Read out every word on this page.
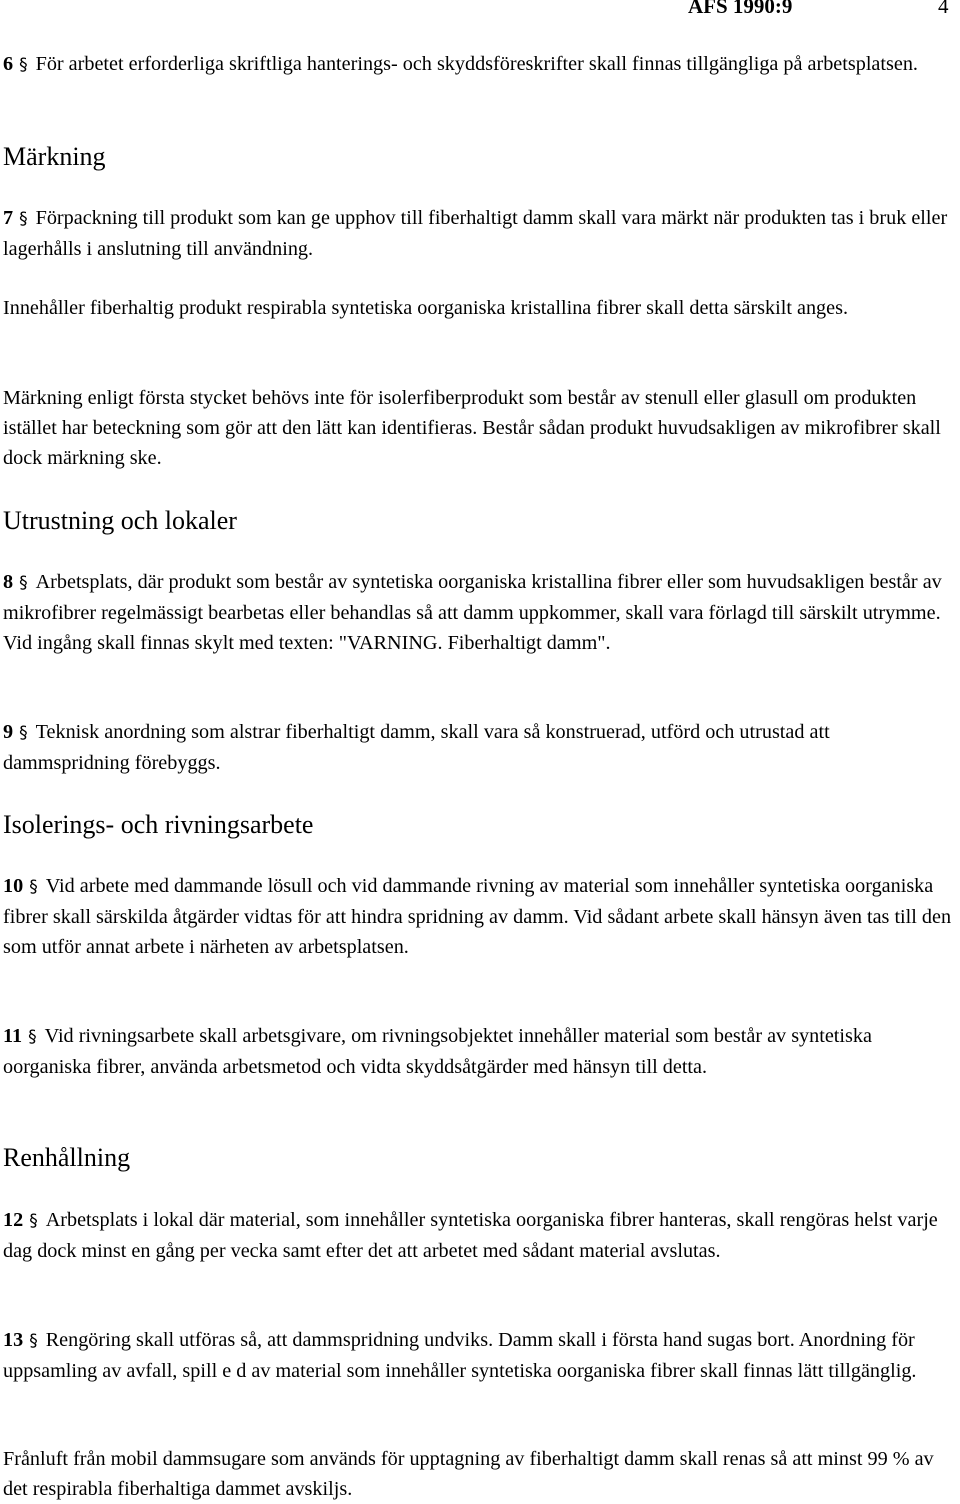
AFS 1990:9	4

6 § För arbetet erforderliga skriftliga hanterings- och skyddsföreskrifter skall finnas tillgängliga på arbetsplatsen.

Märkning

7 § Förpackning till produkt som kan ge upphov till fiberhaltigt damm skall vara märkt när produkten tas i bruk eller lagerhålls i anslutning till användning.

Innehåller fiberhaltig produkt respirabla syntetiska oorganiska kristallina fibrer skall detta särskilt anges.

Märkning enligt första stycket behövs inte för isolerfiberprodukt som består av stenull eller glasull om produkten istället har beteckning som gör att den lätt kan identifieras. Består sådan produkt huvudsakligen av mikrofibrer skall dock märkning ske.

Utrustning och lokaler

8 § Arbetsplats, där produkt som består av syntetiska oorganiska kristallina fibrer eller som huvudsakligen består av mikrofibrer regelmässigt bearbetas eller behandlas så att damm uppkommer, skall vara förlagd till särskilt utrymme. Vid ingång skall finnas skylt med texten: "VARNING. Fiberhaltigt damm".

9 § Teknisk anordning som alstrar fiberhaltigt damm, skall vara så konstruerad, utförd och utrustad att dammspridning förebyggs.

Isolerings- och rivningsarbete

10 § Vid arbete med dammande lösull och vid dammande rivning av material som innehåller syntetiska oorganiska fibrer skall särskilda åtgärder vidtas för att hindra spridning av damm. Vid sådant arbete skall hänsyn även tas till den som utför annat arbete i närheten av arbetsplatsen.

11 § Vid rivningsarbete skall arbetsgivare, om rivningsobjektet innehåller material som består av syntetiska oorganiska fibrer, använda arbetsmetod och vidta skyddsåtgärder med hänsyn till detta.

Renhållning

12 § Arbetsplats i lokal där material, som innehåller syntetiska oorganiska fibrer hanteras, skall rengöras helst varje dag dock minst en gång per vecka samt efter det att arbetet med sådant material avslutas.

13 § Rengöring skall utföras så, att dammspridning undviks. Damm skall i första hand sugas bort. Anordning för uppsamling av avfall, spill e d av material som innehåller syntetiska oorganiska fibrer skall finnas lätt tillgänglig.

Frånluft från mobil dammsugare som används för upptagning av fiberhaltigt damm skall renas så att minst 99 % av det respirabla fiberhaltiga dammet avskiljs.
